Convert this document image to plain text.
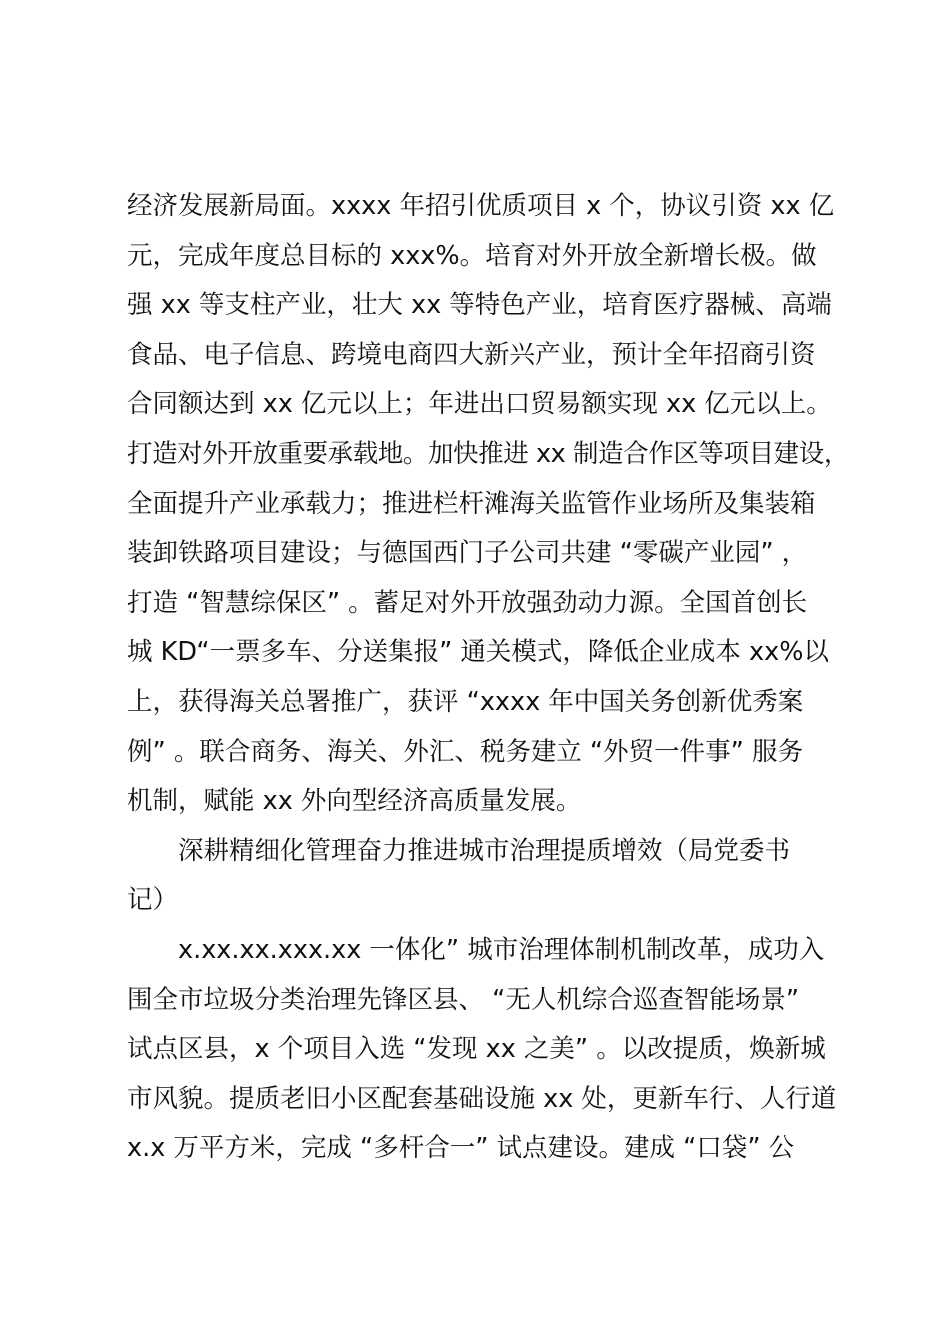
经济发展新局面。xxxx 年招引优质项目 x 个，协议引资 xx 亿
元，完成年度总目标的 xxx%。培育对外开放全新增长极。做
强 xx 等支柱产业，壮大 xx 等特色产业，培育医疗器械、高端
食品、电子信息、跨境电商四大新兴产业，预计全年招商引资
合同额达到 xx 亿元以上；年进出口贸易额实现 xx 亿元以上。
打造对外开放重要承载地。加快推进 xx 制造合作区等项目建设，
全面提升产业承载力；推进栏杆滩海关监管作业场所及集装箱
装卸铁路项目建设；与德国西门子公司共建 “零碳产业园” ，
打造 “智慧综保区” 。蓄足对外开放强劲动力源。全国首创长
城 KD“一票多车、分送集报” 通关模式，降低企业成本 xx%以
上，获得海关总署推广，获评 “xxxx 年中国关务创新优秀案
例” 。联合商务、海关、外汇、税务建立 “外贸一件事” 服务
机制，赋能 xx 外向型经济高质量发展。
　　深耕精细化管理奋力推进城市治理提质增效（局党委书
记）
　　x.xx.xx.xxx.xx 一体化” 城市治理体制机制改革，成功入
围全市垃圾分类治理先锋区县、 “无人机综合巡查智能场景”
试点区县，x 个项目入选 “发现 xx 之美” 。以改提质，焕新城
市风貌。提质老旧小区配套基础设施 xx 处，更新车行、人行道
x.x 万平方米，完成 “多杆合一” 试点建设。建成 “口袋” 公
